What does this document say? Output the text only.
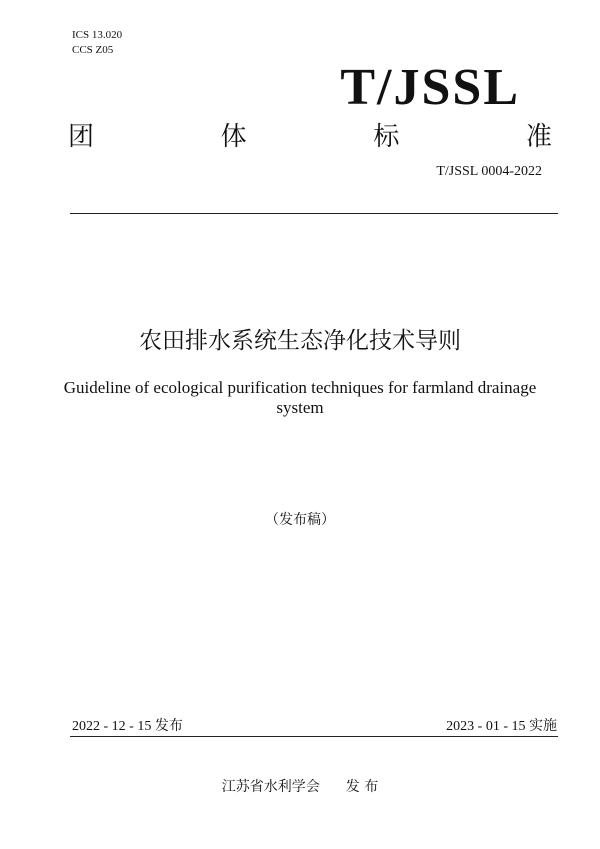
ICS 13.020
CCS Z05
T/JSSL
团	体	标	准
T/JSSL 0004-2022
农田排水系统生态净化技术导则
Guideline of ecological purification techniques for farmland drainage system
（发布稿）
2022 - 12 - 15 发布	2023 - 01 - 15 实施
江苏省水利学会 发 布
